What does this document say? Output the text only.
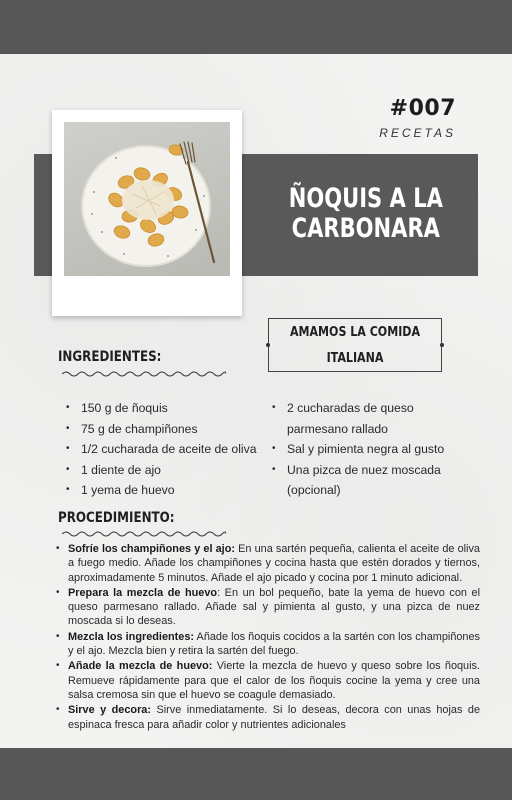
#007
RECETAS
ÑOQUIS A LA
CARBONARA
AMAMOS LA COMIDA
ITALIANA
INGREDIENTES:
• 150 g de ñoquis
• 75 g de champiñones
• 1/2 cucharada de aceite de oliva
• 1 diente de ajo
• 1 yema de huevo
• 2 cucharadas de queso parmesano rallado
• Sal y pimienta negra al gusto
• Una pizca de nuez moscada (opcional)
PROCEDIMIENTO:
• Sofríe los champiñones y el ajo: En una sartén pequeña, calienta el aceite de oliva a fuego medio. Añade los champiñones y cocina hasta que estén dorados y tiernos, aproximadamente 5 minutos. Añade el ajo picado y cocina por 1 minuto adicional.
• Prepara la mezcla de huevo: En un bol pequeño, bate la yema de huevo con el queso parmesano rallado. Añade sal y pimienta al gusto, y una pizca de nuez moscada si lo deseas.
• Mezcla los ingredientes: Añade los ñoquis cocidos a la sartén con los champiñones y el ajo. Mezcla bien y retira la sartén del fuego.
• Añade la mezcla de huevo: Vierte la mezcla de huevo y queso sobre los ñoquis. Remueve rápidamente para que el calor de los ñoquis cocine la yema y cree una salsa cremosa sin que el huevo se coagule demasiado.
• Sirve y decora: Sirve inmediatamente. Si lo deseas, decora con unas hojas de espinaca fresca para añadir color y nutrientes adicionales
